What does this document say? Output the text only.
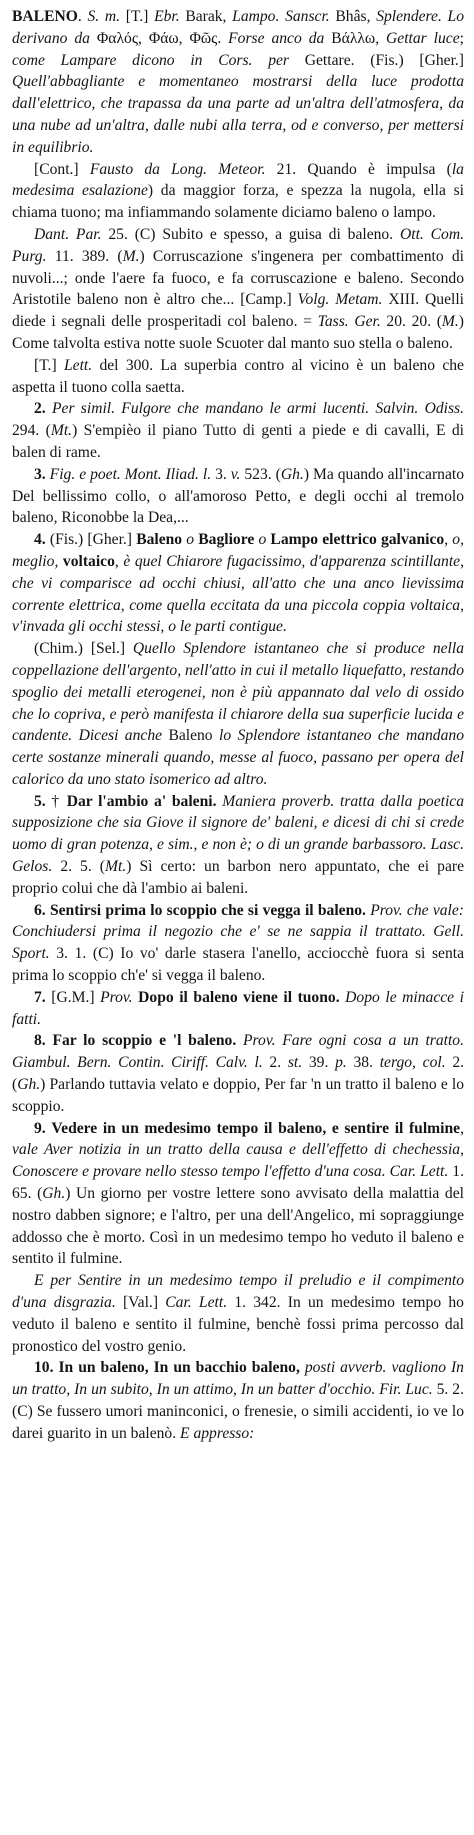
BALENO. S. m. [T.] Ebr. Barak, Lampo. Sanscr. Bhâs, Splendere. Lo derivano da Φαλός, Φάω, Φῶς. Forse anco da Βάλλω, Gettar luce; come Lampare dicono in Cors. per Gettare. (Fis.) [Gher.] Quell'abbagliante e momentaneo mostrarsi della luce prodotta dall'elettrico, che trapassa da una parte ad un'altra dell'atmosfera, da una nube ad un'altra, dalle nubi alla terra, od e converso, per mettersi in equilibrio.

[Cont.] Fausto da Long. Meteor. 21. Quando è impulsa (la medesima esalazione) da maggior forza, e spezza la nugola, ella si chiama tuono; ma infiammando solamente diciamo baleno o lampo.

Dant. Par. 25. (C) Subito e spesso, a guisa di baleno. Ott. Com. Purg. 11. 389. (M.) Corruscazione s'ingenera per combattimento di nuvoli...; onde l'aere fa fuoco, e fa corruscazione e baleno. Secondo Aristotile baleno non è altro che... [Camp.] Volg. Metam. XIII. Quelli diede i segnali delle prosperitadi col baleno. = Tass. Ger. 20. 20. (M.) Come talvolta estiva notte suole Scuoter dal manto suo stella o baleno.

[T.] Lett. del 300. La superbia contro al vicino è un baleno che aspetta il tuono colla saetta.

2. Per simil. Fulgore che mandano le armi lucenti. Salvin. Odiss. 294. (Mt.) S'empièo il piano Tutto di genti a piede e di cavalli, E di balen di rame.

3. Fig. e poet. Mont. Iliad. l. 3. v. 523. (Gh.) Ma quando all'incarnato Del bellissimo collo, o all'amoroso Petto, e degli occhi al tremolo baleno, Riconobbe la Dea,...

4. (Fis.) [Gher.] Baleno o Bagliore o Lampo elettrico galvanico, o, meglio, voltaico, è quel Chiarore fugacissimo, d'apparenza scintillante, che vi comparisce ad occhi chiusi, all'atto che una anco lievissima corrente elettrica, come quella eccitata da una piccola coppia voltaica, v'invada gli occhi stessi, o le parti contigue.

(Chim.) [Sel.] Quello Splendore istantaneo che si produce nella coppellazione dell'argento, nell'atto in cui il metallo liquefatto, restando spoglio dei metalli eterogenei, non è più appannato dal velo di ossido che lo copriva, e però manifesta il chiarore della sua superficie lucida e candente. Dicesi anche Baleno lo Splendore istantaneo che mandano certe sostanze minerali quando, messe al fuoco, passano per opera del calorico da uno stato isomerico ad altro.

5. † Dar l'ambio a' baleni. Maniera proverb. tratta dalla poetica supposizione che sia Giove il signore de' baleni, e dicesi di chi si crede uomo di gran potenza, e sim., e non è; o di un grande barbassoro. Lasc. Gelos. 2. 5. (Mt.) Sì certo: un barbon nero appuntato, che ei pare proprio colui che dà l'ambio ai baleni.

6. Sentirsi prima lo scoppio che si vegga il baleno. Prov. che vale: Conchiudersi prima il negozio che e' se ne sappia il trattato. Gell. Sport. 3. 1. (C) Io vo' darle stasera l'anello, acciocchè fuora si senta prima lo scoppio ch'e' si vegga il baleno.

7. [G.M.] Prov. Dopo il baleno viene il tuono. Dopo le minacce i fatti.

8. Far lo scoppio e 'l baleno. Prov. Fare ogni cosa a un tratto. Giambul. Bern. Contin. Ciriff. Calv. l. 2. st. 39. p. 38. tergo, col. 2. (Gh.) Parlando tuttavia velato e doppio, Per far 'n un tratto il baleno e lo scoppio.

9. Vedere in un medesimo tempo il baleno, e sentire il fulmine, vale Aver notizia in un tratto della causa e dell'effetto di chechessia, Conoscere e provare nello stesso tempo l'effetto d'una cosa. Car. Lett. 1. 65. (Gh.) Un giorno per vostre lettere sono avvisato della malattia del nostro dabben signore; e l'altro, per una dell'Angelico, mi sopraggiunge addosso che è morto. Così in un medesimo tempo ho veduto il baleno e sentito il fulmine.

E per Sentire in un medesimo tempo il preludio e il compimento d'una disgrazia. [Val.] Car. Lett. 1. 342. In un medesimo tempo ho veduto il baleno e sentito il fulmine, benchè fossi prima percosso dal pronostico del vostro genio.

10. In un baleno, In un bacchio baleno, posti avverb. vagliono In un tratto, In un subito, In un attimo, In un batter d'occhio. Fir. Luc. 5. 2. (C) Se fussero umori maninconici, o frenesie, o simili accidenti, io ve lo darei guarito in un balenò. E appresso:
